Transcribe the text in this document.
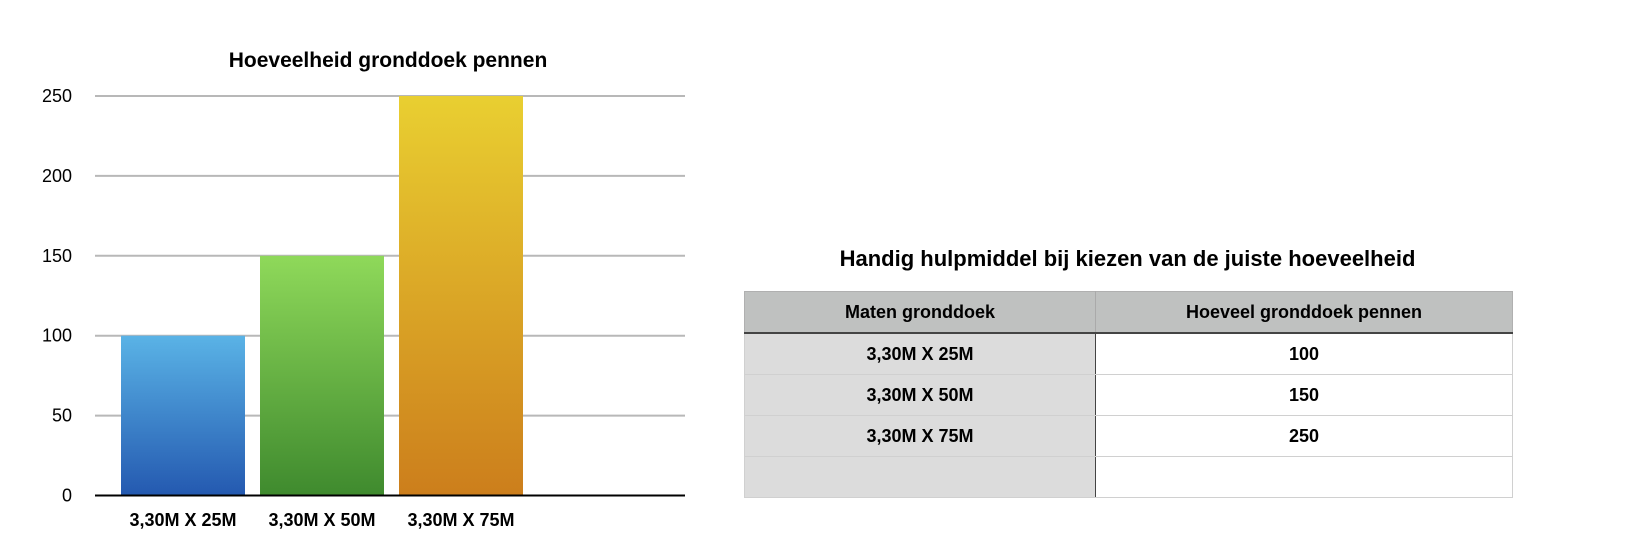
Hoeveelheid gronddoek pennen
0
50
100
150
200
250
3,30M X 25M 3,30M X 50M 3,30M X 75M
Handig hulpmiddel bij kiezen van de juiste hoeveelheid
Maten gronddoek	Hoeveel gronddoek pennen
3,30M X 25M	100
3,30M X 50M	150
3,30M X 75M	250
